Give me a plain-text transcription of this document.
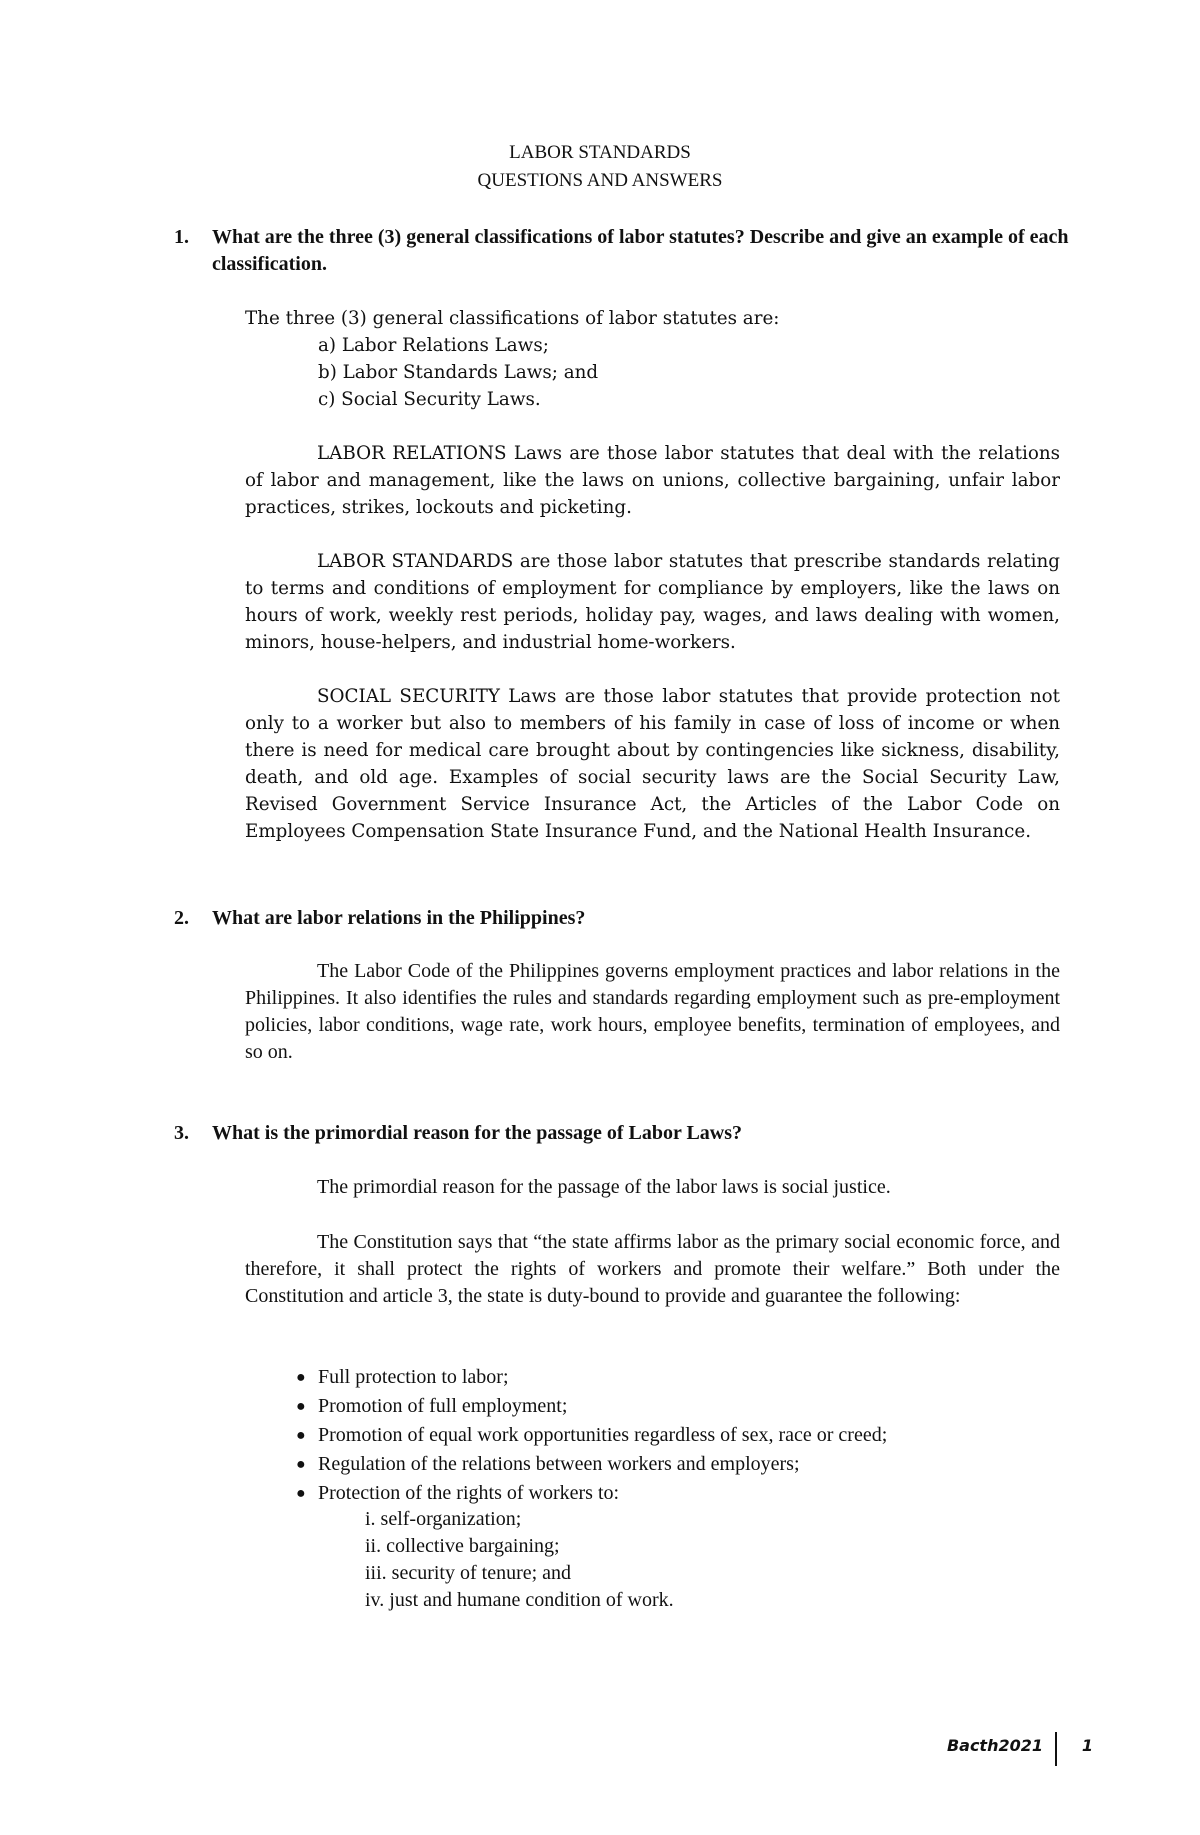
LABOR STANDARDS
QUESTIONS AND ANSWERS
1. What are the three (3) general classifications of labor statutes? Describe and give an example of each classification.
The three (3) general classifications of labor statutes are:
a) Labor Relations Laws;
b) Labor Standards Laws; and
c) Social Security Laws.
LABOR RELATIONS Laws are those labor statutes that deal with the relations of labor and management, like the laws on unions, collective bargaining, unfair labor practices, strikes, lockouts and picketing.
LABOR STANDARDS are those labor statutes that prescribe standards relating to terms and conditions of employment for compliance by employers, like the laws on hours of work, weekly rest periods, holiday pay, wages, and laws dealing with women, minors, house-helpers, and industrial home-workers.
SOCIAL SECURITY Laws are those labor statutes that provide protection not only to a worker but also to members of his family in case of loss of income or when there is need for medical care brought about by contingencies like sickness, disability, death, and old age. Examples of social security laws are the Social Security Law, Revised Government Service Insurance Act, the Articles of the Labor Code on Employees Compensation State Insurance Fund, and the National Health Insurance.
2. What are labor relations in the Philippines?
The Labor Code of the Philippines governs employment practices and labor relations in the Philippines. It also identifies the rules and standards regarding employment such as pre-employment policies, labor conditions, wage rate, work hours, employee benefits, termination of employees, and so on.
3. What is the primordial reason for the passage of Labor Laws?
The primordial reason for the passage of the labor laws is social justice.
The Constitution says that “the state affirms labor as the primary social economic force, and therefore, it shall protect the rights of workers and promote their welfare.” Both under the Constitution and article 3, the state is duty-bound to provide and guarantee the following:
● Full protection to labor;
● Promotion of full employment;
● Promotion of equal work opportunities regardless of sex, race or creed;
● Regulation of the relations between workers and employers;
● Protection of the rights of workers to:
i. self-organization;
ii. collective bargaining;
iii. security of tenure; and
iv. just and humane condition of work.
Bacth2021 1
